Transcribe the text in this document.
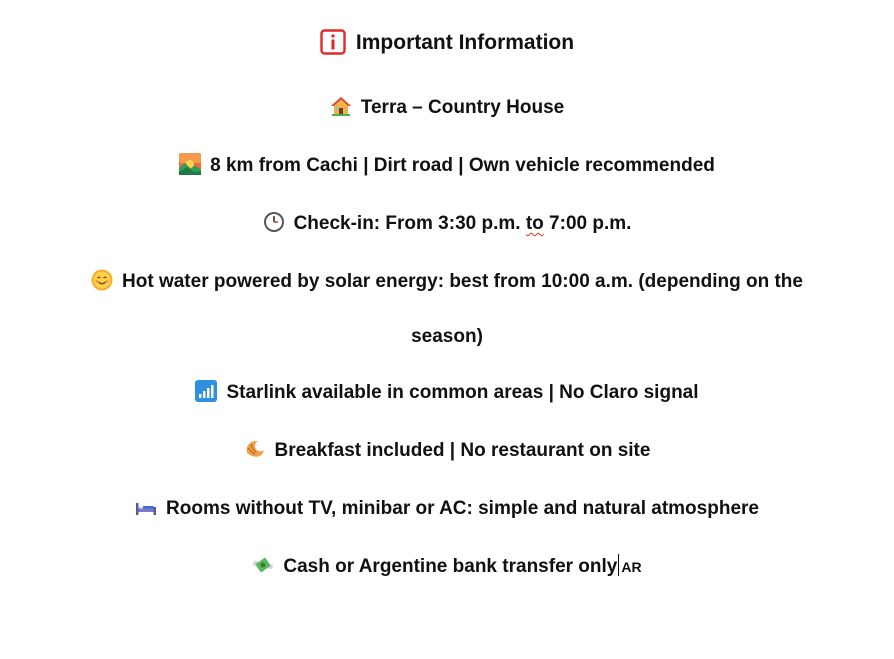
Important Information
Terra – Country House
8 km from Cachi | Dirt road | Own vehicle recommended
Check-in: From 3:30 p.m. to 7:00 p.m.
Hot water powered by solar energy: best from 10:00 a.m. (depending on the
season)
Starlink available in common areas | No Claro signal
Breakfast included | No restaurant on site
Rooms without TV, minibar or AC: simple and natural atmosphere
Cash or Argentine bank transfer only AR
